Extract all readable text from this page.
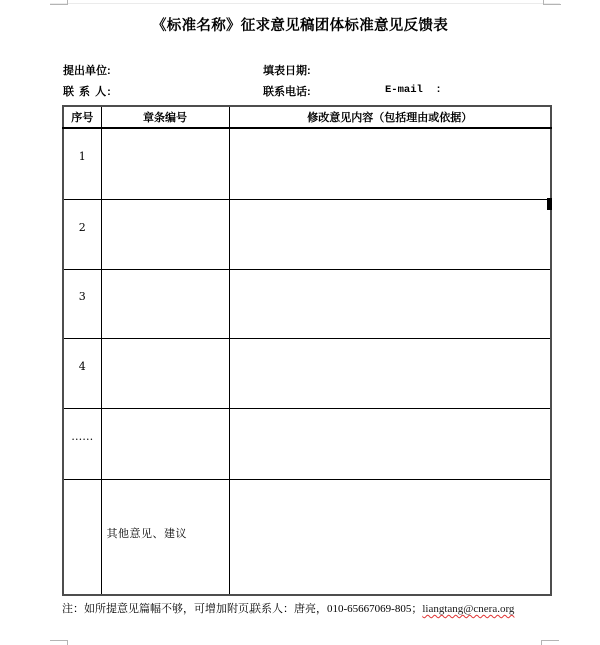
《标准名称》征求意见稿团体标准意见反馈表
提出单位:	填表日期:
联 系 人:	联系电话:	E-mail  :
序号	章条编号	修改意见内容（包括理由或依据）
1		
2		
3		
4		
……		
	其他意见、建议	
注：如所提意见篇幅不够，可增加附页。
联系人：唐亮，010-65667069-805；liangtang@cnera.org
